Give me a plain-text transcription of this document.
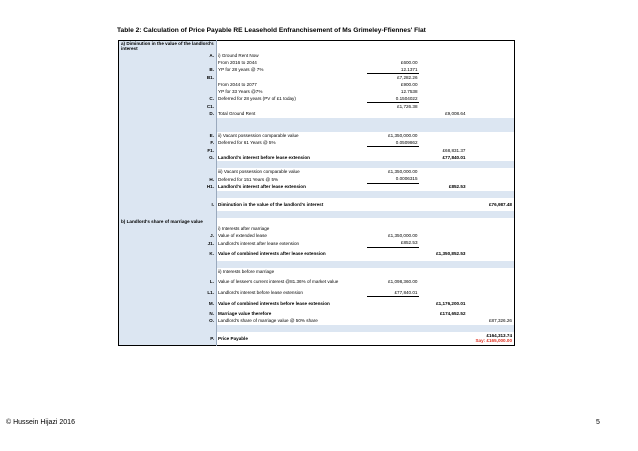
Table 2: Calculation of Price Payable RE Leasehold Enfranchisement of Ms Grimeley-Ffiennes' Flat
a) Diminution in the value of the landlord's interest				
A.	i) Ground Rent Now			
	From 2016 to 2044	£600.00		
B.	YP for 28 years @ 7%	12.1371		
B1.		£7,282.26		
	From 2044 to 2077	£900.00		
	YP for 33 Years @7%	12.7538		
C.	Deferred for 28 years (PV of £1 today)	0.1504022		
C1.		£1,726.38		
D.	Total Ground Rent		£9,008.64	

E.	ii) Vacant possession comparable value	£1,350,000.00		
F.	Deferred for 61 Years @ 5%	0.0509862		
F1.			£68,831.37	
G.	Landlord's interest before lease extension		£77,840.01	

	iii) Vacant possession comparable value	£1,350,000.00		
H.	Deferred for 151 Years @ 5%	0.0006315		
H1.	Landlord's interest after lease extension		£852.53	

I.	Diminution in the value of the landlord's interest			£76,987.48

b) Landlord's share of marriage value				
	i) Interests after marriage			
J.	Value of extended lease	£1,350,000.00		
J1.	Landlord's interest after lease extension	£852.53		
K.	Value of combined interests after lease extension		£1,350,852.53	

	ii) Interests before marriage			
L.	Value of lessee's current interest @81.36% of market value	£1,098,360.00		
L1.	Landlord's interest before lease extension	£77,840.01		
M.	Value of combined interests before lease extension		£1,176,200.01	
N.	Marriage value therefore		£174,652.52	
O.	Landlord's share of marriage value @ 50% share			£87,326.26

P.	Price Payable			£164,313.74
Say: £165,000.00
© Hussein Hijazi 2016	5
